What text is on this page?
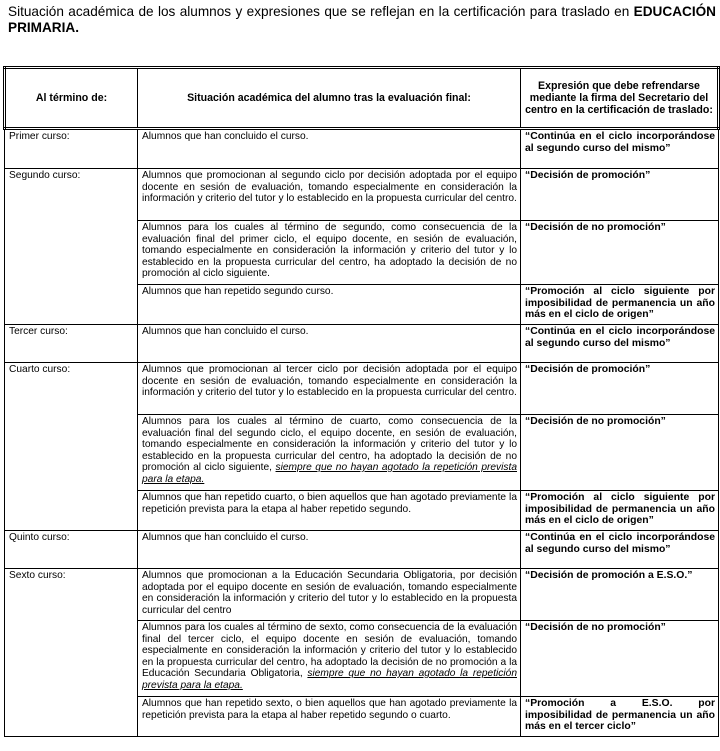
Situación académica de los alumnos y expresiones que se reflejan en la certificación para traslado en EDUCACIÓN PRIMARIA.
Al término de:	Situación académica del alumno tras la evaluación final:	Expresión que debe refrendarse mediante la firma del Secretario del centro en la certificación de traslado:
Primer curso:	Alumnos que han concluido el curso.	“Continúa en el ciclo incorporándose al segundo curso del mismo”
Segundo curso:	Alumnos que promocionan al segundo ciclo por decisión adoptada por el equipo docente en sesión de evaluación, tomando especialmente en consideración la información y criterio del tutor y lo establecido en la propuesta curricular del centro.	“Decisión de promoción”
	Alumnos para los cuales al término de segundo, como consecuencia de la evaluación final del primer ciclo, el equipo docente, en sesión de evaluación, tomando especialmente en consideración la información y criterio del tutor y lo establecido en la propuesta curricular del centro, ha adoptado la decisión de no promoción al ciclo siguiente.	“Decisión de no promoción”
	Alumnos que han repetido segundo curso.	“Promoción al ciclo siguiente por imposibilidad de permanencia un año más en el ciclo de origen”
Tercer curso:	Alumnos que han concluido el curso.	“Continúa en el ciclo incorporándose al segundo curso del mismo”
Cuarto curso:	Alumnos que promocionan al tercer ciclo por decisión adoptada por el equipo docente en sesión de evaluación, tomando especialmente en consideración la información y criterio del tutor y lo establecido en la propuesta curricular del centro.	“Decisión de promoción”
	Alumnos para los cuales al término de cuarto, como consecuencia de la evaluación final del segundo ciclo, el equipo docente, en sesión de evaluación, tomando especialmente en consideración la información y criterio del tutor y lo establecido en la propuesta curricular del centro, ha adoptado la decisión de no promoción al ciclo siguiente, siempre que no hayan agotado la repetición prevista para la etapa.	“Decisión de no promoción”
	Alumnos que han repetido cuarto, o bien aquellos que han agotado previamente la repetición prevista para la etapa al haber repetido segundo.	“Promoción al ciclo siguiente por imposibilidad de permanencia un año más en el ciclo de origen”
Quinto curso:	Alumnos que han concluido el curso.	“Continúa en el ciclo incorporándose al segundo curso del mismo”
Sexto curso:	Alumnos que promocionan a la Educación Secundaria Obligatoria, por decisión adoptada por el equipo docente en sesión de evaluación, tomando especialmente en consideración la información y criterio del tutor y lo establecido en la propuesta curricular del centro	“Decisión de promoción a E.S.O.”
	Alumnos para los cuales al término de sexto, como consecuencia de la evaluación final del tercer ciclo, el equipo docente en sesión de evaluación, tomando especialmente en consideración la información y criterio del tutor y lo establecido en la propuesta curricular del centro, ha adoptado la decisión de no promoción a la Educación Secundaria Obligatoria, siempre que no hayan agotado la repetición prevista para la etapa.	“Decisión de no promoción”
	Alumnos que han repetido sexto, o bien aquellos que han agotado previamente la repetición prevista para la etapa al haber repetido segundo o cuarto.	“Promoción a E.S.O. por imposibilidad de permanencia un año más en el tercer ciclo”
